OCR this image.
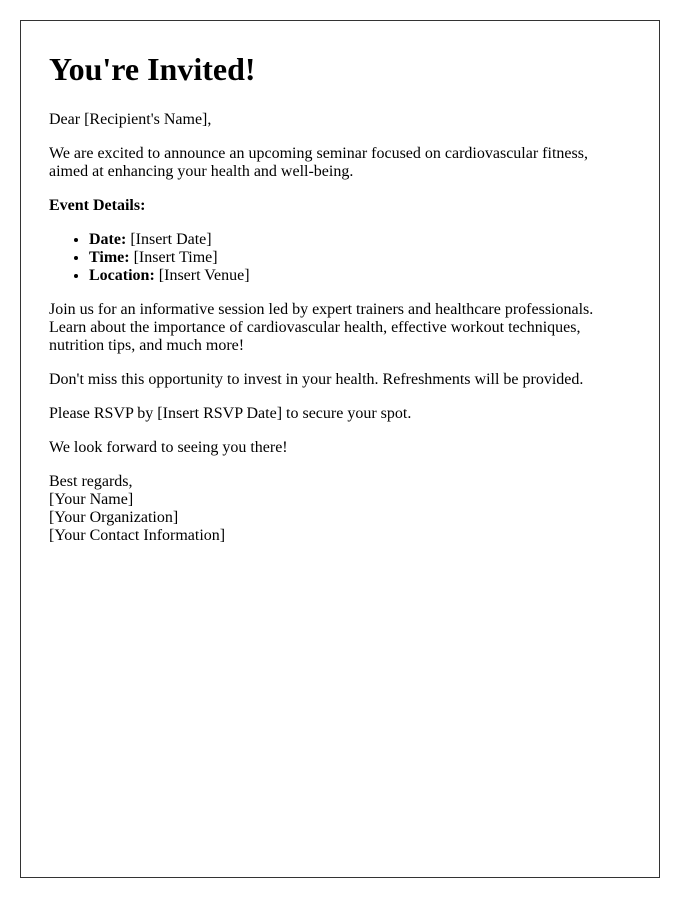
You're Invited!

Dear [Recipient's Name],

We are excited to announce an upcoming seminar focused on cardiovascular fitness, aimed at enhancing your health and well-being.

Event Details:

• Date: [Insert Date]
• Time: [Insert Time]
• Location: [Insert Venue]

Join us for an informative session led by expert trainers and healthcare professionals. Learn about the importance of cardiovascular health, effective workout techniques, nutrition tips, and much more!

Don't miss this opportunity to invest in your health. Refreshments will be provided.

Please RSVP by [Insert RSVP Date] to secure your spot.

We look forward to seeing you there!

Best regards,
[Your Name]
[Your Organization]
[Your Contact Information]
